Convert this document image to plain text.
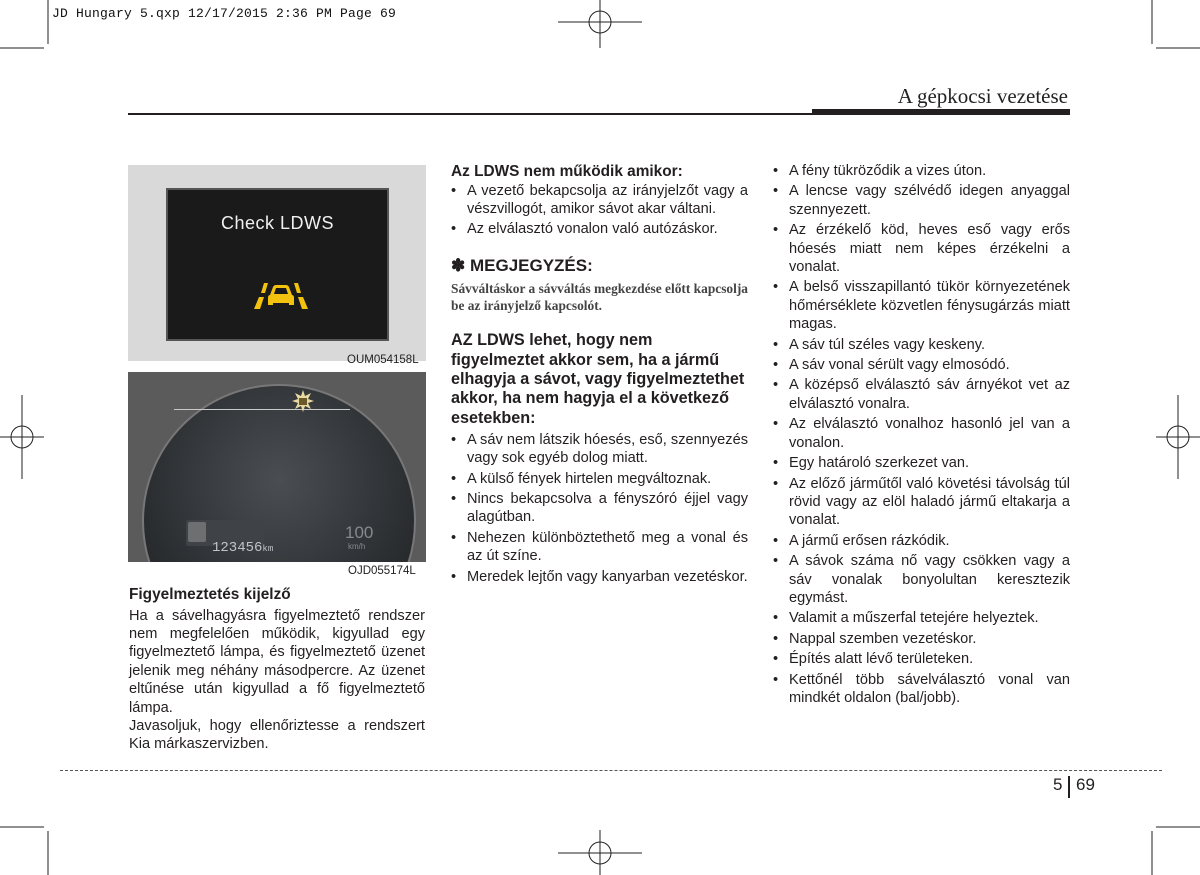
JD Hungary 5.qxp 12/17/2015 2:36 PM Page 69
A gépkocsi vezetése
Check LDWS
OUM054158L
123456km
100
km/h
OJD055174L
Figyelmeztetés kijelző

Ha a sávelhagyásra figyelmeztető rendszer nem megfelelően működik, kigyullad egy figyelmeztető lámpa, és figyelmeztető üzenet jelenik meg néhány másodpercre. Az üzenet eltűnése után kigyullad a fő figyelmeztető lámpa.

Javasoljuk, hogy ellenőriztesse a rendszert Kia márkaszervizben.

Az LDWS nem működik amikor:
• A vezető bekapcsolja az irányjelzőt vagy a vészvillogót, amikor sávot akar váltani.
• Az elválasztó vonalon való autózáskor.
✽ MEGJEGYZÉS:
Sávváltáskor a sávváltás megkezdése előtt kapcsolja be az irányjelző kapcsolót.
AZ LDWS lehet, hogy nem figyelmeztet akkor sem, ha a jármű elhagyja a sávot, vagy figyelmeztethet akkor, ha nem hagyja el a következő esetekben:
• A sáv nem látszik hóesés, eső, szennyezés vagy sok egyéb dolog miatt.
• A külső fények hirtelen megváltoznak.
• Nincs bekapcsolva a fényszóró éjjel vagy alagútban.
• Nehezen különböztethető meg a vonal és az út színe.
• Meredek lejtőn vagy kanyarban vezetéskor.
• A fény tükröződik a vizes úton.
• A lencse vagy szélvédő idegen anyaggal szennyezett.
• Az érzékelő köd, heves eső vagy erős hóesés miatt nem képes érzékelni a vonalat.
• A belső visszapillantó tükör környezetének hőmérséklete közvetlen fénysugárzás miatt magas.
• A sáv túl széles vagy keskeny.
• A sáv vonal sérült vagy elmosódó.
• A középső elválasztó sáv árnyékot vet az elválasztó vonalra.
• Az elválasztó vonalhoz hasonló jel van a vonalon.
• Egy határoló szerkezet van.
• Az előző járműtől való követési távolság túl rövid vagy az elöl haladó jármű eltakarja a vonalat.
• A jármű erősen rázkódik.
• A sávok száma nő vagy csökken vagy a sáv vonalak bonyolultan keresztezik egymást.
• Valamit a műszerfal tetejére helyeztek.
• Nappal szemben vezetéskor.
• Építés alatt lévő területeken.
• Kettőnél több sávelválasztó vonal van mindkét oldalon (bal/jobb).
5 69
